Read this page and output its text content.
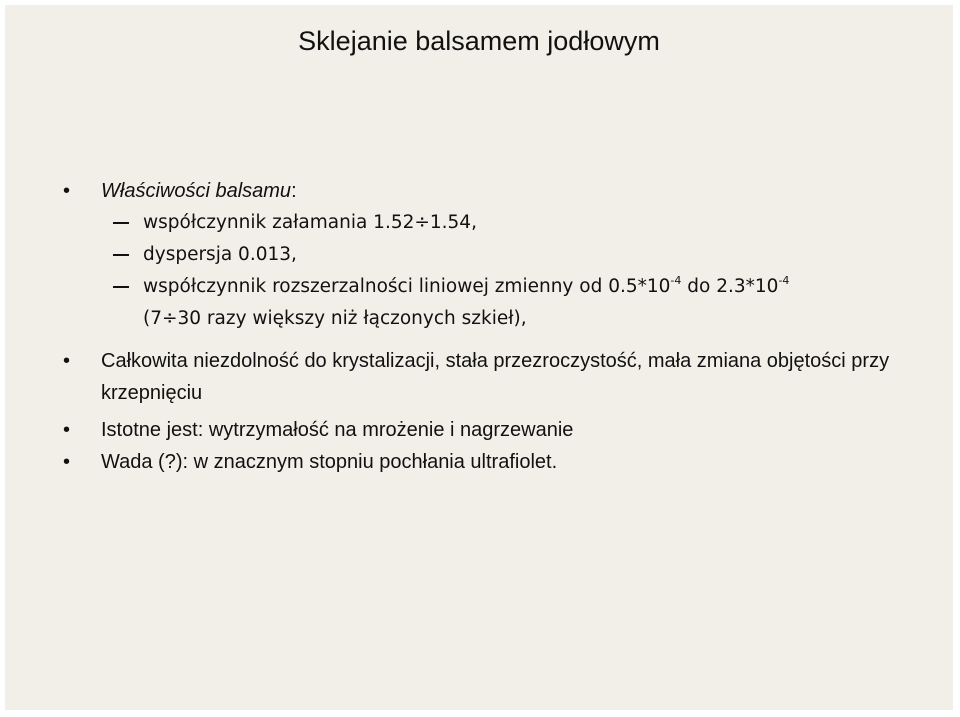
Sklejanie balsamem jodłowym
•	Właściwości balsamu:
współczynnik załamania 1.52÷1.54,
dyspersja 0.013,
współczynnik rozszerzalności liniowej zmienny od $0.5*10^{-4}$ do $2.3*10^{-4}$
(7÷30 razy większy niż łączonych szkieł),
•	Całkowita niezdolność do krystalizacji, stała przezroczystość, mała zmiana objętości przy krzepnięciu
•	Istotne jest: wytrzymałość na mrożenie i nagrzewanie
•	Wada (?): w znacznym stopniu pochłania ultrafiolet.
